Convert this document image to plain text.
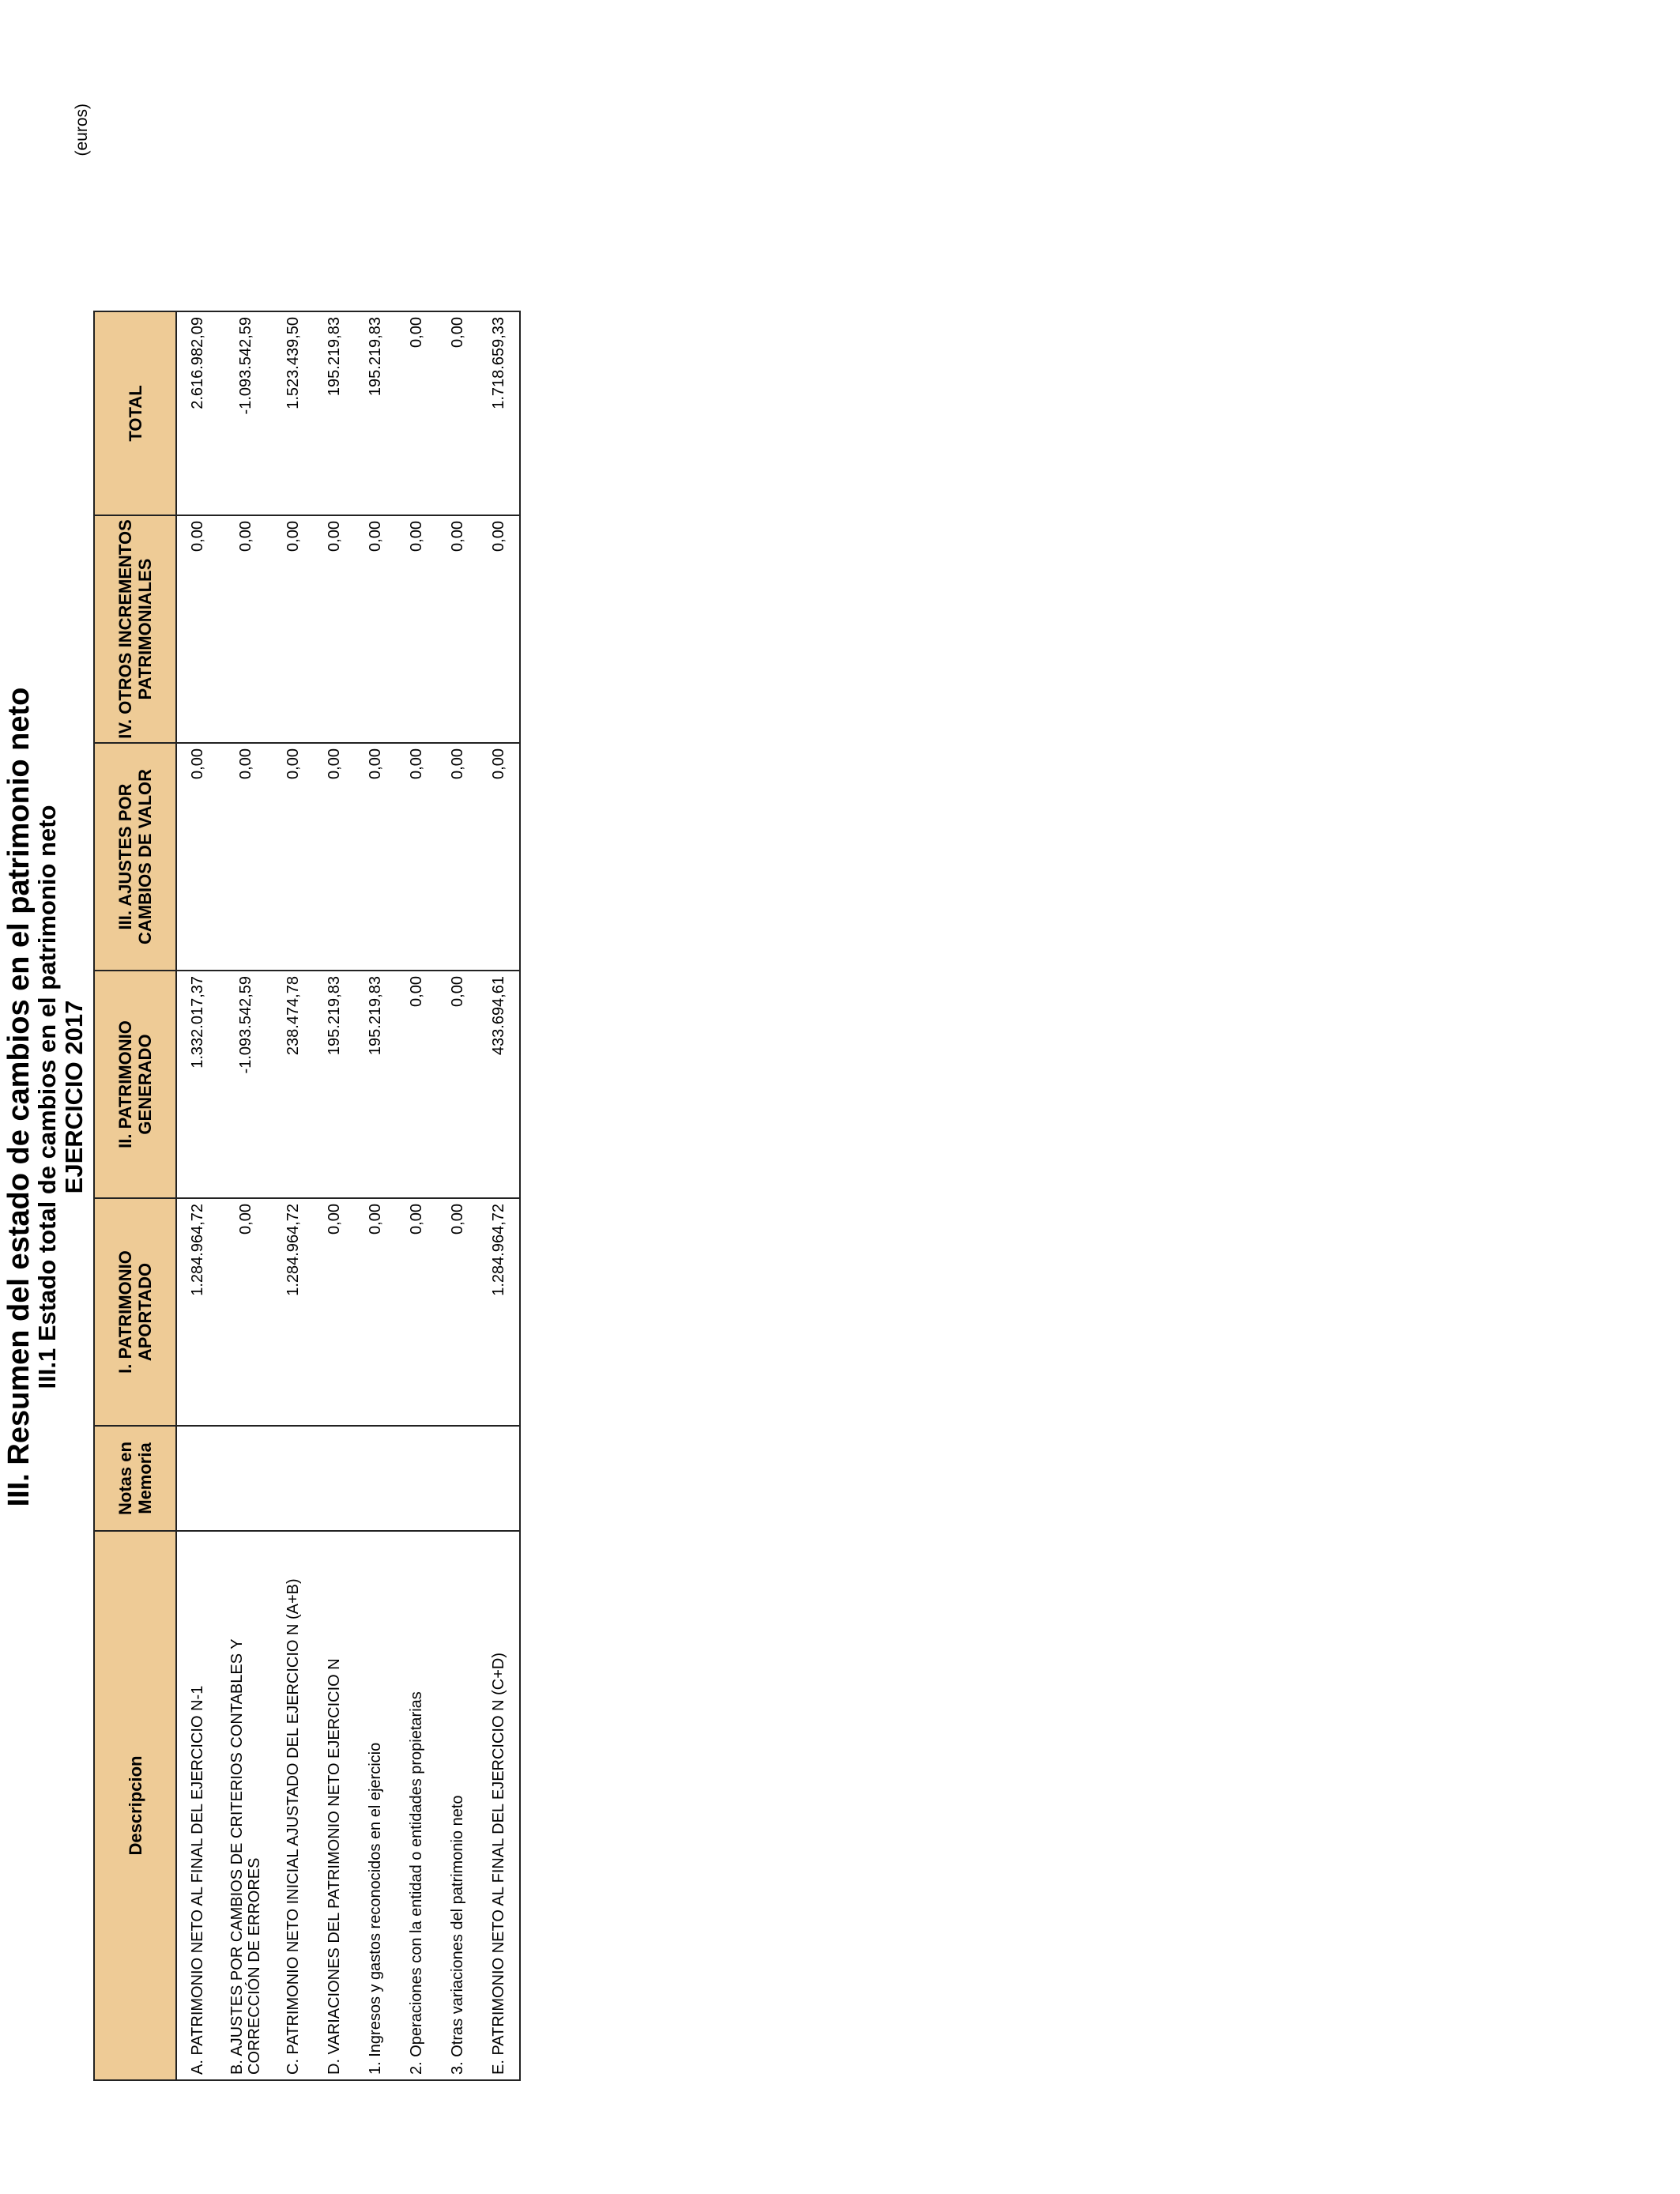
III. Resumen del estado de cambios en el patrimonio neto
III.1 Estado total de cambios en el patrimonio neto EJERCICIO 2017
(euros)
Descripcion	Notas en Memoria	I. PATRIMONIO APORTADO	II. PATRIMONIO GENERADO	III. AJUSTES POR CAMBIOS DE VALOR	IV. OTROS INCREMENTOS PATRIMONIALES	TOTAL
A. PATRIMONIO NETO AL FINAL DEL EJERCICIO N-1		1.284.964,72	1.332.017,37	0,00	0,00	2.616.982,09
B. AJUSTES POR CAMBIOS DE CRITERIOS CONTABLES Y CORRECCIÓN DE ERRORES		0,00	-1.093.542,59	0,00	0,00	-1.093.542,59
C. PATRIMONIO NETO INICIAL AJUSTADO DEL EJERCICIO N (A+B)		1.284.964,72	238.474,78	0,00	0,00	1.523.439,50
D. VARIACIONES DEL PATRIMONIO NETO EJERCICIO N		0,00	195.219,83	0,00	0,00	195.219,83
1. Ingresos y gastos reconocidos en el ejercicio		0,00	195.219,83	0,00	0,00	195.219,83
2. Operaciones con la entidad o entidades propietarias		0,00	0,00	0,00	0,00	0,00
3. Otras variaciones del patrimonio neto		0,00	0,00	0,00	0,00	0,00
E. PATRIMONIO NETO AL FINAL DEL EJERCICIO N (C+D)		1.284.964,72	433.694,61	0,00	0,00	1.718.659,33
